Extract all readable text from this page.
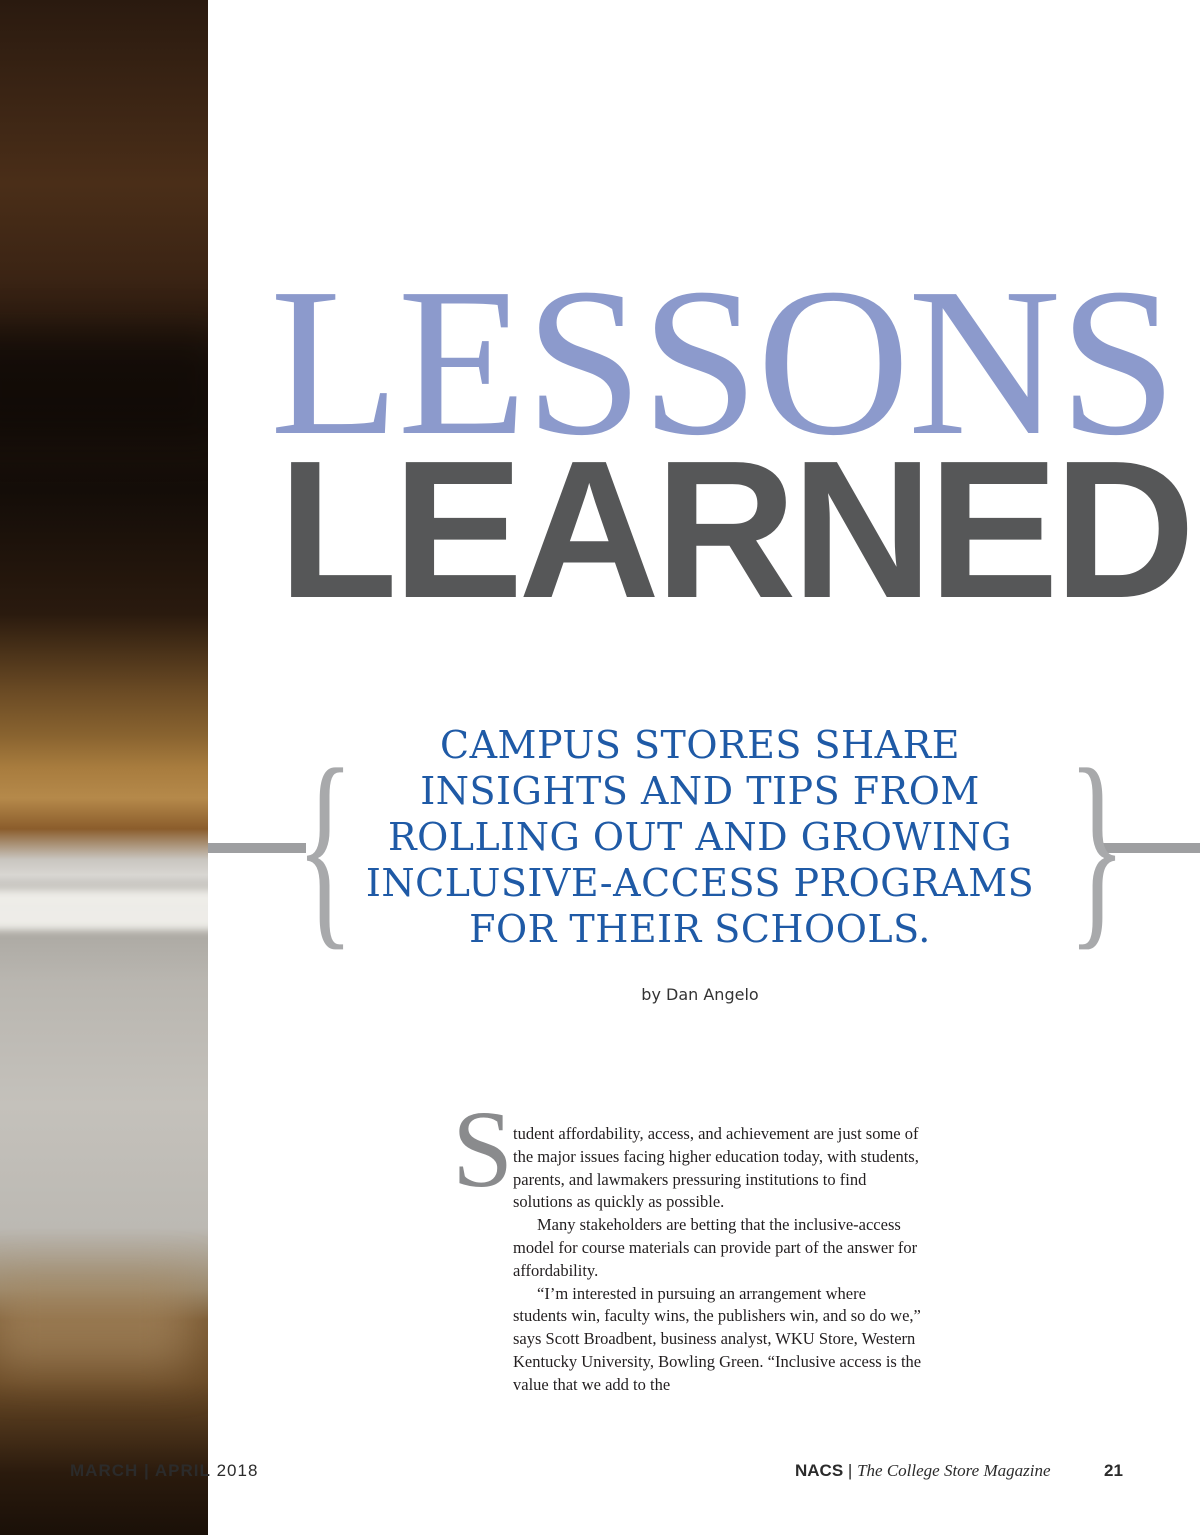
LESSONS
LEARNED
{	}
CAMPUS STORES SHARE INSIGHTS AND TIPS FROM ROLLING OUT AND GROWING INCLUSIVE-ACCESS PROGRAMS FOR THEIR SCHOOLS.
by Dan Angelo
S tudent affordability, access, and achievement are just some of the major issues facing higher education today, with students, parents, and lawmakers pressuring institutions to find solutions as quickly as possible.

Many stakeholders are betting that the inclusive-access model for course materials can provide part of the answer for affordability.

“I’m interested in pursuing an arrangement where students win, faculty wins, the publishers win, and so do we,” says Scott Broadbent, business analyst, WKU Store, Western Kentucky University, Bowling Green. “Inclusive access is the value that we add to the

MARCH | APRIL 2018	NACS | The College Store Magazine	21
